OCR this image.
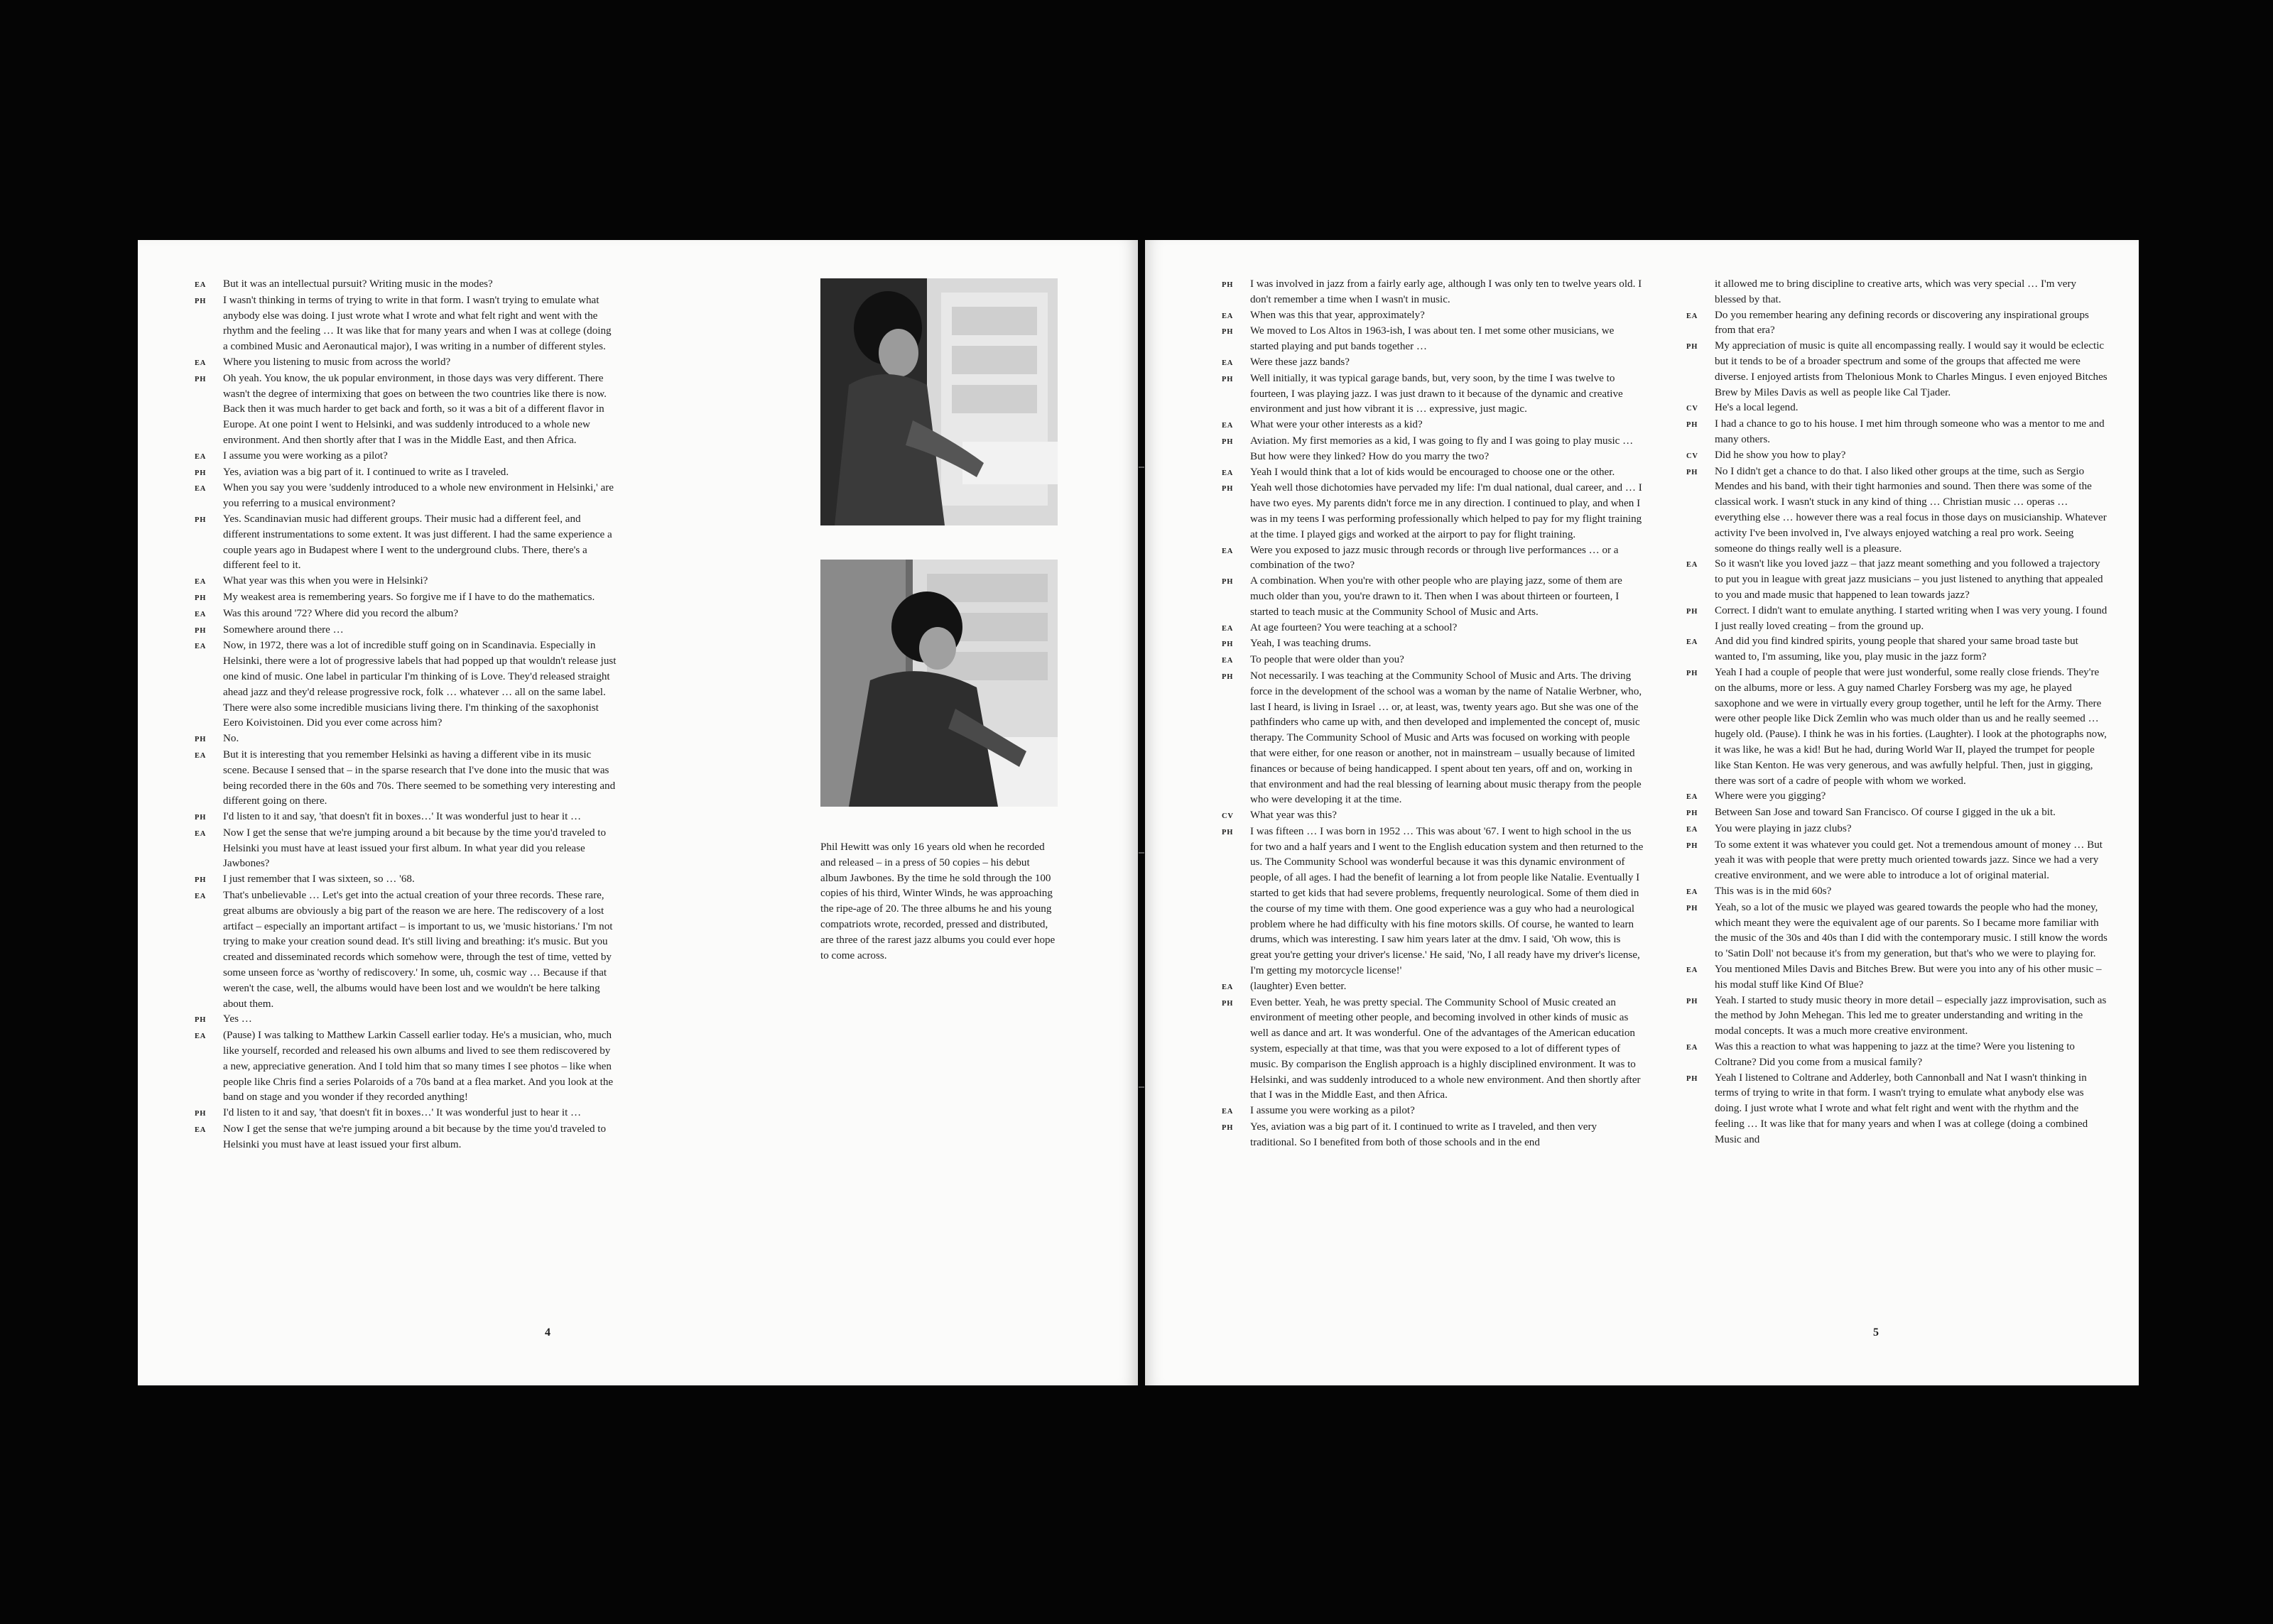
EA	But it was an intellectual pursuit? Writing music in the modes?
PH	I wasn't thinking in terms of trying to write in that form. I wasn't trying to emulate what anybody else was doing. I just wrote what I wrote and what felt right and went with the rhythm and the feeling … It was like that for many years and when I was at college (doing a combined Music and Aeronautical major), I was writing in a number of different styles.
EA	Where you listening to music from across the world?
PH	Oh yeah. You know, the uk popular environment, in those days was very different. There wasn't the degree of intermixing that goes on between the two countries like there is now. Back then it was much harder to get back and forth, so it was a bit of a different flavor in Europe. At one point I went to Helsinki, and was suddenly introduced to a whole new environment. And then shortly after that I was in the Middle East, and then Africa.
EA	I assume you were working as a pilot?
PH	Yes, aviation was a big part of it. I continued to write as I traveled.
EA	When you say you were 'suddenly introduced to a whole new environment in Helsinki,' are you referring to a musical environment?
PH	Yes. Scandinavian music had different groups. Their music had a different feel, and different instrumentations to some extent. It was just different. I had the same experience a couple years ago in Budapest where I went to the underground clubs. There, there's a different feel to it.
EA	What year was this when you were in Helsinki?
PH	My weakest area is remembering years. So forgive me if I have to do the mathematics.
EA	Was this around '72? Where did you record the album?
PH	Somewhere around there …
EA	Now, in 1972, there was a lot of incredible stuff going on in Scandinavia. Especially in Helsinki, there were a lot of progressive labels that had popped up that wouldn't release just one kind of music. One label in particular I'm thinking of is Love. They'd released straight ahead jazz and they'd release progressive rock, folk … whatever … all on the same label. There were also some incredible musicians living there. I'm thinking of the saxophonist Eero Koivistoinen. Did you ever come across him?
PH	No.
EA	But it is interesting that you remember Helsinki as having a different vibe in its music scene. Because I sensed that – in the sparse research that I've done into the music that was being recorded there in the 60s and 70s. There seemed to be something very interesting and different going on there.
PH	I'd listen to it and say, 'that doesn't fit in boxes…' It was wonderful just to hear it …
EA	Now I get the sense that we're jumping around a bit because by the time you'd traveled to Helsinki you must have at least issued your first album. In what year did you release Jawbones?
PH	I just remember that I was sixteen, so … '68.
EA	That's unbelievable … Let's get into the actual creation of your three records. These rare, great albums are obviously a big part of the reason we are here. The rediscovery of a lost artifact – especially an important artifact – is important to us, we 'music historians.' I'm not trying to make your creation sound dead. It's still living and breathing: it's music. But you created and disseminated records which somehow were, through the test of time, vetted by some unseen force as 'worthy of rediscovery.' In some, uh, cosmic way … Because if that weren't the case, well, the albums would have been lost and we wouldn't be here talking about them.
PH	Yes …
EA	(Pause) I was talking to Matthew Larkin Cassell earlier today. He's a musician, who, much like yourself, recorded and released his own albums and lived to see them rediscovered by a new, appreciative generation. And I told him that so many times I see photos – like when people like Chris find a series Polaroids of a 70s band at a flea market. And you look at the band on stage and you wonder if they recorded anything!
PH	I'd listen to it and say, 'that doesn't fit in boxes…' It was wonderful just to hear it …
EA	Now I get the sense that we're jumping around a bit because by the time you'd traveled to Helsinki you must have at least issued your first album.
Phil Hewitt was only 16 years old when he recorded and released – in a press of 50 copies – his debut album Jawbones. By the time he sold through the 100 copies of his third, Winter Winds, he was approaching the ripe-age of 20. The three albums he and his young compatriots wrote, recorded, pressed and distributed, are three of the rarest jazz albums you could ever hope to come across.
4
PH	I was involved in jazz from a fairly early age, although I was only ten to twelve years old. I don't remember a time when I wasn't in music.
EA	When was this that year, approximately?
PH	We moved to Los Altos in 1963-ish, I was about ten. I met some other musicians, we started playing and put bands together …
EA	Were these jazz bands?
PH	Well initially, it was typical garage bands, but, very soon, by the time I was twelve to fourteen, I was playing jazz. I was just drawn to it because of the dynamic and creative environment and just how vibrant it is … expressive, just magic.
EA	What were your other interests as a kid?
PH	Aviation. My first memories as a kid, I was going to fly and I was going to play music … But how were they linked? How do you marry the two?
EA	Yeah I would think that a lot of kids would be encouraged to choose one or the other.
PH	Yeah well those dichotomies have pervaded my life: I'm dual national, dual career, and … I have two eyes. My parents didn't force me in any direction. I continued to play, and when I was in my teens I was performing professionally which helped to pay for my flight training at the time. I played gigs and worked at the airport to pay for flight training.
EA	Were you exposed to jazz music through records or through live performances … or a combination of the two?
PH	A combination. When you're with other people who are playing jazz, some of them are much older than you, you're drawn to it. Then when I was about thirteen or fourteen, I started to teach music at the Community School of Music and Arts.
EA	At age fourteen? You were teaching at a school?
PH	Yeah, I was teaching drums.
EA	To people that were older than you?
PH	Not necessarily. I was teaching at the Community School of Music and Arts. The driving force in the development of the school was a woman by the name of Natalie Werbner, who, last I heard, is living in Israel … or, at least, was, twenty years ago. But she was one of the pathfinders who came up with, and then developed and implemented the concept of, music therapy. The Community School of Music and Arts was focused on working with people that were either, for one reason or another, not in mainstream – usually because of limited finances or because of being handicapped. I spent about ten years, off and on, working in that environment and had the real blessing of learning about music therapy from the people who were developing it at the time.
CV	What year was this?
PH	I was fifteen … I was born in 1952 … This was about '67. I went to high school in the us for two and a half years and I went to the English education system and then returned to the us. The Community School was wonderful because it was this dynamic environment of people, of all ages. I had the benefit of learning a lot from people like Natalie. Eventually I started to get kids that had severe problems, frequently neurological. Some of them died in the course of my time with them. One good experience was a guy who had a neurological problem where he had difficulty with his fine motors skills. Of course, he wanted to learn drums, which was interesting. I saw him years later at the dmv. I said, 'Oh wow, this is great you're getting your driver's license.' He said, 'No, I all ready have my driver's license, I'm getting my motorcycle license!'
EA	(laughter) Even better.
PH	Even better. Yeah, he was pretty special. The Community School of Music created an environment of meeting other people, and becoming involved in other kinds of music as well as dance and art. It was wonderful. One of the advantages of the American education system, especially at that time, was that you were exposed to a lot of different types of music. By comparison the English approach is a highly disciplined environment. It was to Helsinki, and was suddenly introduced to a whole new environment. And then shortly after that I was in the Middle East, and then Africa.
EA	I assume you were working as a pilot?
PH	Yes, aviation was a big part of it. I continued to write as I traveled, and then very traditional. So I benefited from both of those schools and in the end
it allowed me to bring discipline to creative arts, which was very special … I'm very blessed by that.
EA	Do you remember hearing any defining records or discovering any inspirational groups from that era?
PH	My appreciation of music is quite all encompassing really. I would say it would be eclectic but it tends to be of a broader spectrum and some of the groups that affected me were diverse. I enjoyed artists from Thelonious Monk to Charles Mingus. I even enjoyed Bitches Brew by Miles Davis as well as people like Cal Tjader.
CV	He's a local legend.
PH	I had a chance to go to his house. I met him through someone who was a mentor to me and many others.
CV	Did he show you how to play?
PH	No I didn't get a chance to do that. I also liked other groups at the time, such as Sergio Mendes and his band, with their tight harmonies and sound. Then there was some of the classical work. I wasn't stuck in any kind of thing … Christian music … operas … everything else … however there was a real focus in those days on musicianship. Whatever activity I've been involved in, I've always enjoyed watching a real pro work. Seeing someone do things really well is a pleasure.
EA	So it wasn't like you loved jazz – that jazz meant something and you followed a trajectory to put you in league with great jazz musicians – you just listened to anything that appealed to you and made music that happened to lean towards jazz?
PH	Correct. I didn't want to emulate anything. I started writing when I was very young. I found I just really loved creating – from the ground up.
EA	And did you find kindred spirits, young people that shared your same broad taste but wanted to, I'm assuming, like you, play music in the jazz form?
PH	Yeah I had a couple of people that were just wonderful, some really close friends. They're on the albums, more or less. A guy named Charley Forsberg was my age, he played saxophone and we were in virtually every group together, until he left for the Army. There were other people like Dick Zemlin who was much older than us and he really seemed … hugely old. (Pause). I think he was in his forties. (Laughter). I look at the photographs now, it was like, he was a kid! But he had, during World War II, played the trumpet for people like Stan Kenton. He was very generous, and was awfully helpful. Then, just in gigging, there was sort of a cadre of people with whom we worked.
EA	Where were you gigging?
PH	Between San Jose and toward San Francisco. Of course I gigged in the uk a bit.
EA	You were playing in jazz clubs?
PH	To some extent it was whatever you could get. Not a tremendous amount of money … But yeah it was with people that were pretty much oriented towards jazz. Since we had a very creative environment, and we were able to introduce a lot of original material.
EA	This was is in the mid 60s?
PH	Yeah, so a lot of the music we played was geared towards the people who had the money, which meant they were the equivalent age of our parents. So I became more familiar with the music of the 30s and 40s than I did with the contemporary music. I still know the words to 'Satin Doll' not because it's from my generation, but that's who we were to playing for.
EA	You mentioned Miles Davis and Bitches Brew. But were you into any of his other music – his modal stuff like Kind Of Blue?
PH	Yeah. I started to study music theory in more detail – especially jazz improvisation, such as the method by John Mehegan. This led me to greater understanding and writing in the modal concepts. It was a much more creative environment.
EA	Was this a reaction to what was happening to jazz at the time? Were you listening to Coltrane? Did you come from a musical family?
PH	Yeah I listened to Coltrane and Adderley, both Cannonball and Nat I wasn't thinking in terms of trying to write in that form. I wasn't trying to emulate what anybody else was doing. I just wrote what I wrote and what felt right and went with the rhythm and the feeling … It was like that for many years and when I was at college (doing a combined Music and
5
